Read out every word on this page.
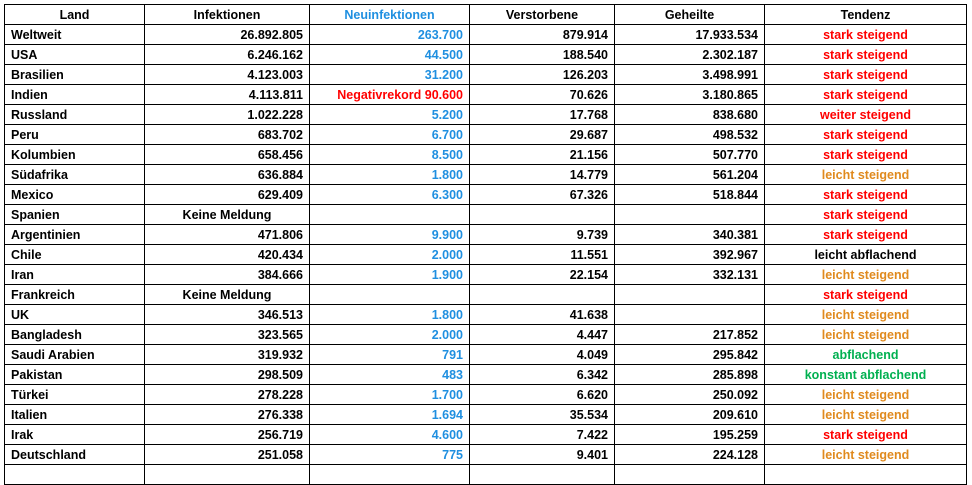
Land	Infektionen	Neuinfektionen	Verstorbene	Geheilte	Tendenz
Weltweit	26.892.805	263.700	879.914	17.933.534	stark steigend
USA	6.246.162	44.500	188.540	2.302.187	stark steigend
Brasilien	4.123.003	31.200	126.203	3.498.991	stark steigend
Indien	4.113.811	Negativrekord 90.600	70.626	3.180.865	stark steigend
Russland	1.022.228	5.200	17.768	838.680	weiter steigend
Peru	683.702	6.700	29.687	498.532	stark steigend
Kolumbien	658.456	8.500	21.156	507.770	stark steigend
Südafrika	636.884	1.800	14.779	561.204	leicht steigend
Mexico	629.409	6.300	67.326	518.844	stark steigend
Spanien	Keine Meldung				stark steigend
Argentinien	471.806	9.900	9.739	340.381	stark steigend
Chile	420.434	2.000	11.551	392.967	leicht abflachend
Iran	384.666	1.900	22.154	332.131	leicht steigend
Frankreich	Keine Meldung				stark steigend
UK	346.513	1.800	41.638		leicht steigend
Bangladesh	323.565	2.000	4.447	217.852	leicht steigend
Saudi Arabien	319.932	791	4.049	295.842	abflachend
Pakistan	298.509	483	6.342	285.898	konstant abflachend
Türkei	278.228	1.700	6.620	250.092	leicht steigend
Italien	276.338	1.694	35.534	209.610	leicht steigend
Irak	256.719	4.600	7.422	195.259	stark steigend
Deutschland	251.058	775	9.401	224.128	leicht steigend
